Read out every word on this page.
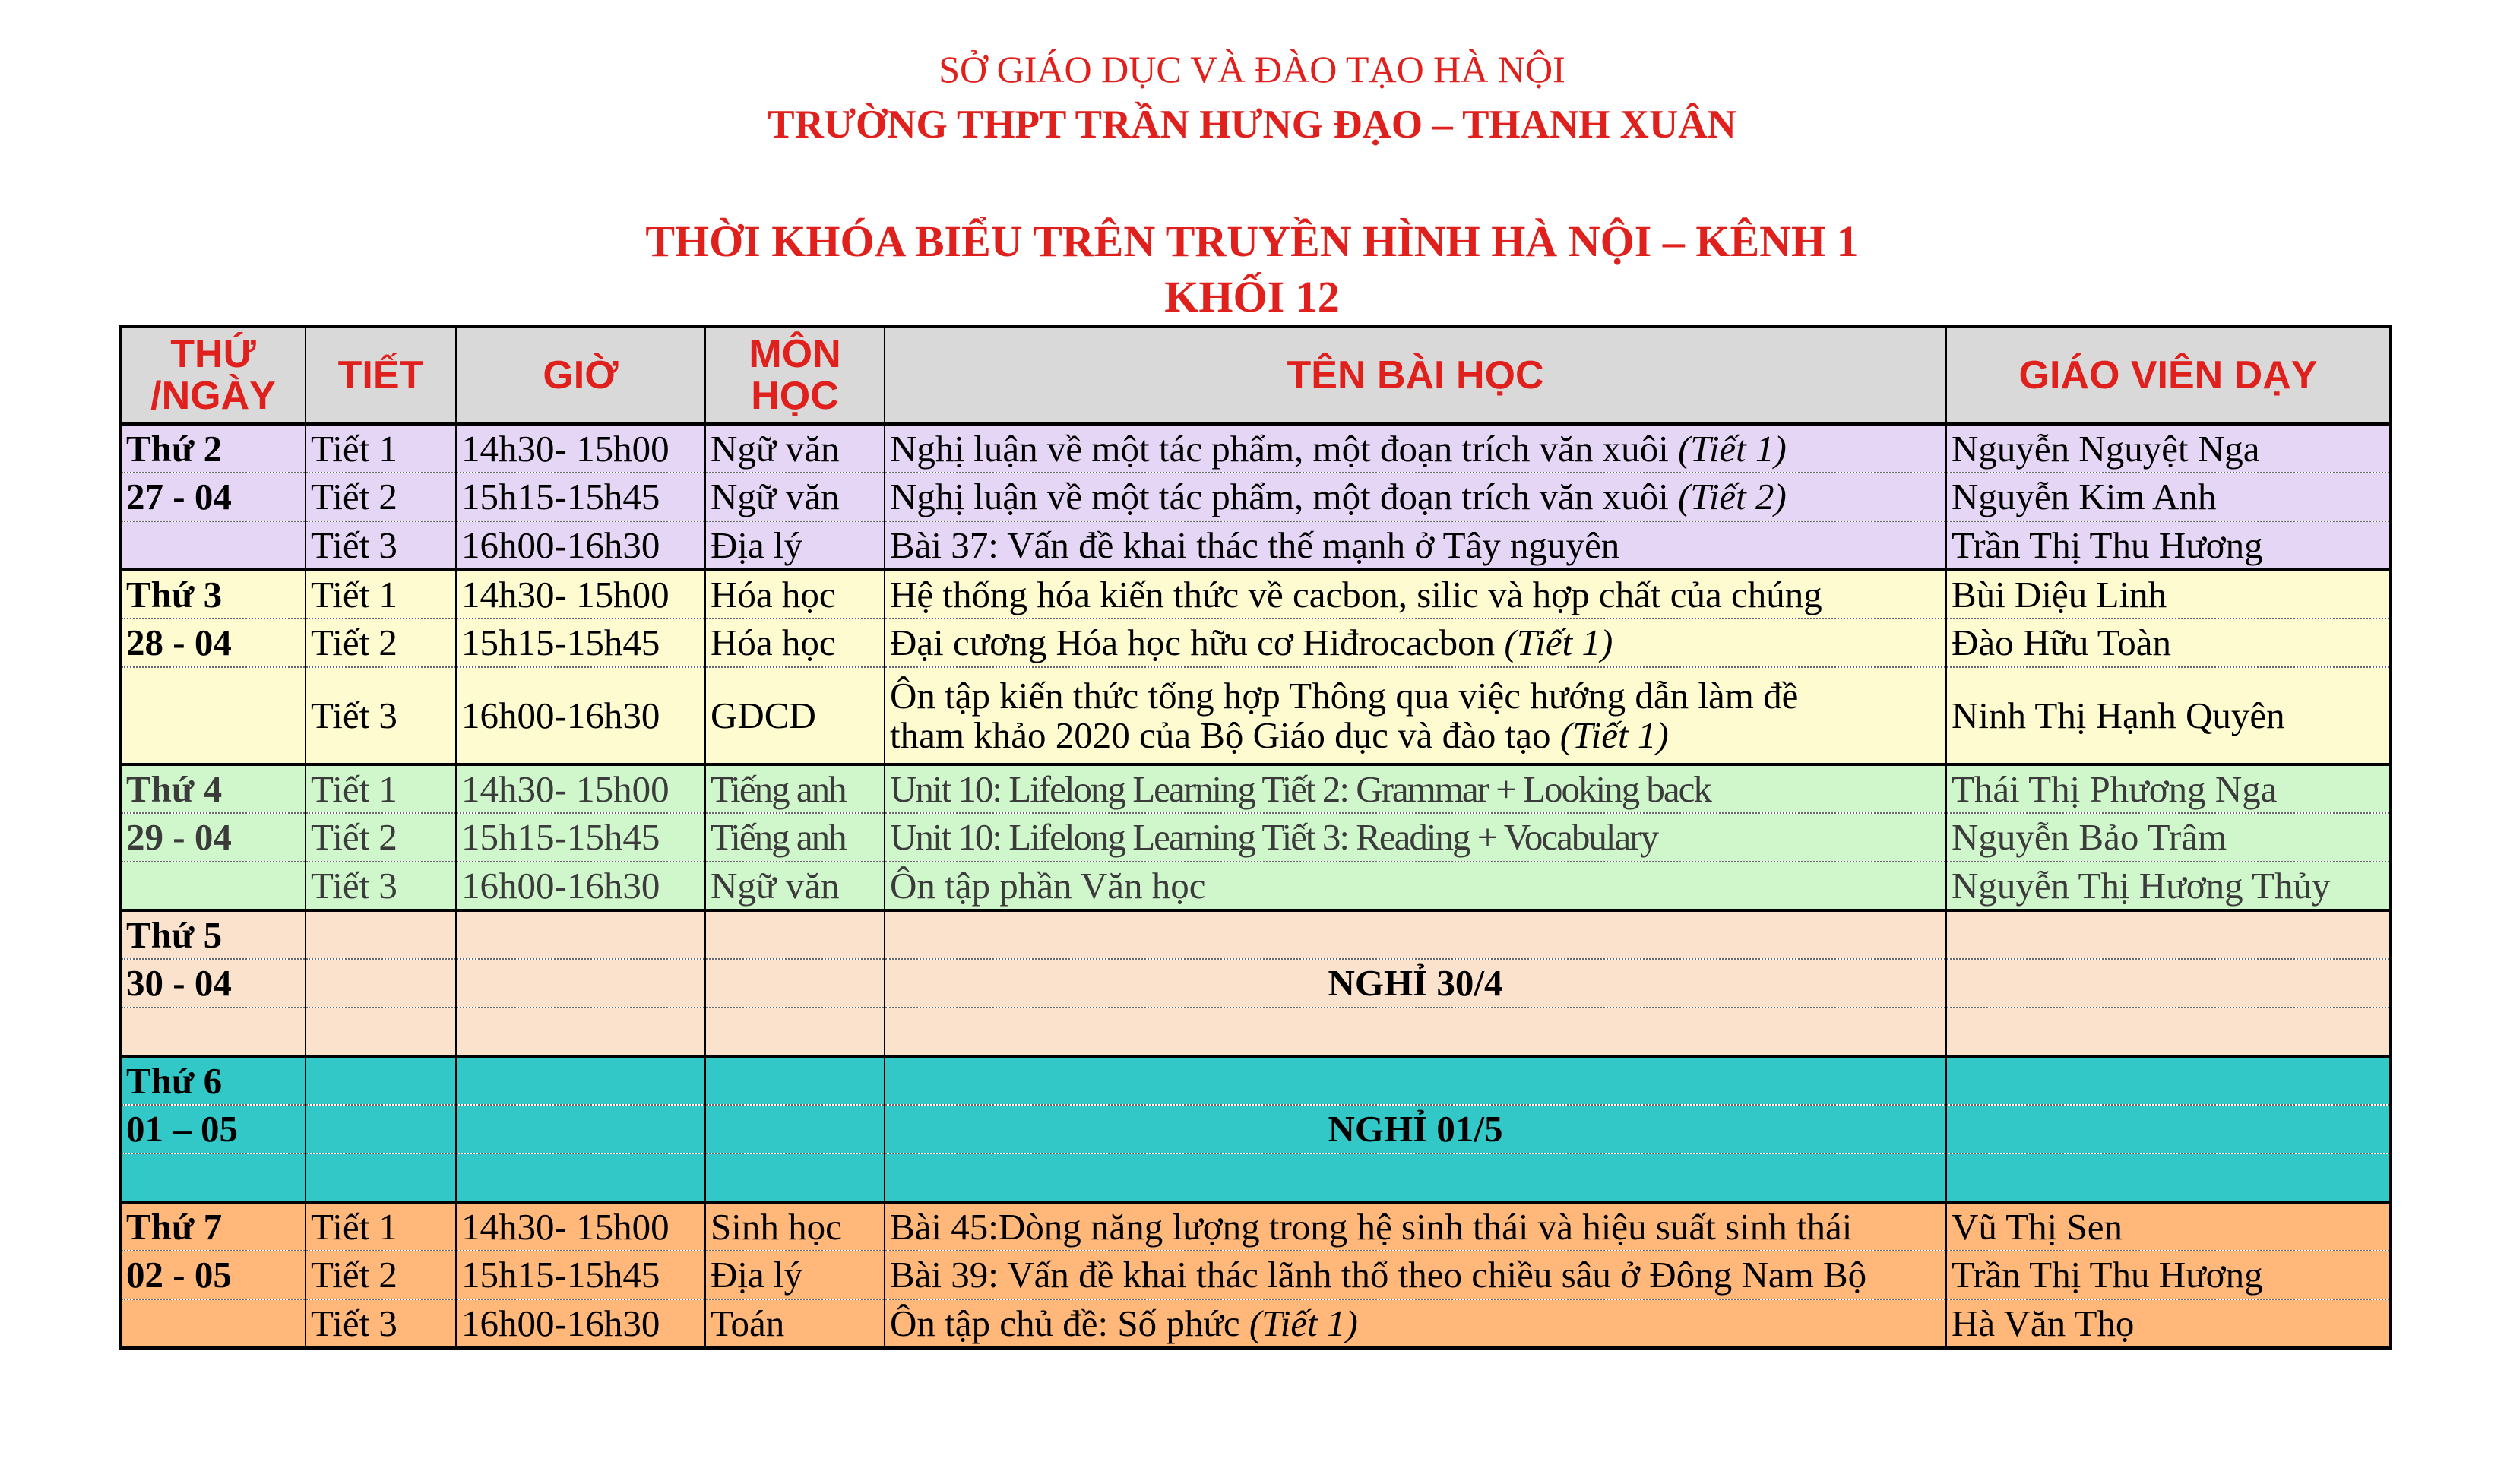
SỞ GIÁO DỤC VÀ ĐÀO TẠO HÀ NỘI
TRƯỜNG THPT TRẦN HƯNG ĐẠO – THANH XUÂN
THỜI KHÓA BIỂU TRÊN TRUYỀN HÌNH HÀ NỘI – KÊNH 1
KHỐI 12
THỨ
/NGÀY	TIẾT	GIỜ	MÔN
HỌC	TÊN BÀI HỌC	GIÁO VIÊN DẠY
Thứ 2	Tiết 1	14h30- 15h00	Ngữ văn	Nghị luận về một tác phẩm, một đoạn trích văn xuôi (Tiết 1)	Nguyễn Nguyệt Nga
27 - 04	Tiết 2	15h15-15h45	Ngữ văn	Nghị luận về một tác phẩm, một đoạn trích văn xuôi (Tiết 2)	Nguyễn Kim Anh
	Tiết 3	16h00-16h30	Địa lý	Bài 37: Vấn đề khai thác thế mạnh ở Tây nguyên	Trần Thị Thu Hương
Thứ 3	Tiết 1	14h30- 15h00	Hóa học	Hệ thống hóa kiến thức về cacbon, silic và hợp chất của chúng	Bùi Diệu Linh
28 - 04	Tiết 2	15h15-15h45	Hóa học	Đại cương Hóa học hữu cơ Hiđrocacbon (Tiết 1)	Đào Hữu Toàn
	Tiết 3	16h00-16h30	GDCD	Ôn tập kiến thức tổng hợp Thông qua việc hướng dẫn làm đề
tham khảo 2020 của Bộ Giáo dục và đào tạo (Tiết 1)	Ninh Thị Hạnh Quyên
Thứ 4	Tiết 1	14h30- 15h00	Tiếng anh	Unit 10: Lifelong Learning Tiết 2: Grammar + Looking back	Thái Thị Phương Nga
29 - 04	Tiết 2	15h15-15h45	Tiếng anh	Unit 10: Lifelong Learning Tiết 3: Reading + Vocabulary	Nguyễn Bảo Trâm
	Tiết 3	16h00-16h30	Ngữ văn	Ôn tập phần Văn học	Nguyễn Thị Hương Thủy
Thứ 5					
30 - 04				NGHỈ 30/4	

Thứ 6					
01 – 05				NGHỈ 01/5	

Thứ 7	Tiết 1	14h30- 15h00	Sinh học	Bài 45:Dòng năng lượng trong hệ sinh thái và hiệu suất sinh thái	Vũ Thị Sen
02 - 05	Tiết 2	15h15-15h45	Địa lý	Bài 39: Vấn đề khai thác lãnh thổ theo chiều sâu ở Đông Nam Bộ	Trần Thị Thu Hương
	Tiết 3	16h00-16h30	Toán	Ôn tập chủ đề: Số phức (Tiết 1)	Hà Văn Thọ
